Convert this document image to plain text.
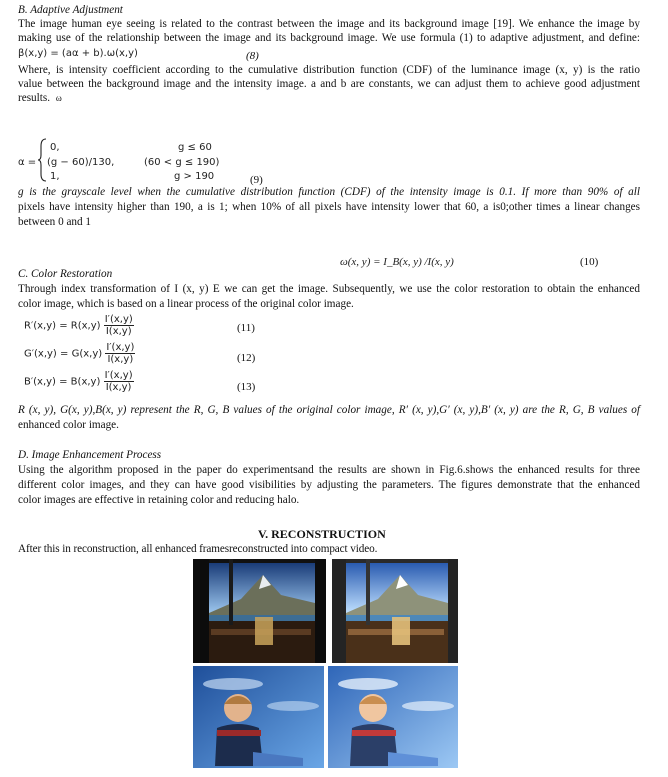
B. Adaptive Adjustment
The image human eye seeing is related to the contrast between the image and its background image [19]. We enhance the image by
making use of the relationship between the image and its background image. We use formula (1) to adaptive adjustment, and define:
β(x,y) = (aα + b).ω(x,y)	(8)
Where, is intensity coefficient according to the cumulative distribution function (CDF) of the luminance image (x, y) is the ratio
value between the background image and the intensity image. a and b are constants, we can adjust them to achieve good adjustment
results. ω
α =
0,
(g − 60)/130,
1,
g ≤ 60
(60 < g ≤ 190)
g > 190	(9)
g is the grayscale level when the cumulative distribution function (CDF) of the intensity image is 0.1. If more than 90% of all
pixels have intensity higher than 190, a is 1; when 10% of all pixels have intensity lower that 60, a is0;other times a linear changes
between 0 and 1
ω(x, y) = I_B(x, y) /I(x, y)	(10)
C. Color Restoration
Through index transformation of I (x, y) E we can get the image. Subsequently, we use the color restoration to obtain the enhanced
color image, which is based on a linear process of the original color image.
$R'(x,y) = R(x,y) \frac{I'(x,y)}{I(x,y)}$	(11)
$G'(x,y) = G(x,y) \frac{I'(x,y)}{I(x,y)}$	(12)
$B'(x,y) = B(x,y) \frac{I'(x,y)}{I(x,y)}$	(13)
R (x, y), G(x, y),B(x, y) represent the R, G, B values of the original color image, R′ (x, y),G′ (x, y),B′ (x, y) are the R, G, B values of
enhanced color image.
D. Image Enhancement Process
Using the algorithm proposed in the paper do experimentsand the results are shown in Fig.6.shows the enhanced results for three
different color images, and they can have good visibilities by adjusting the parameters. The figures demonstrate that the enhanced
color images are effective in retaining color and reducing halo.
V. RECONSTRUCTION
After this in reconstruction, all enhanced framesreconstructed into compact video.
